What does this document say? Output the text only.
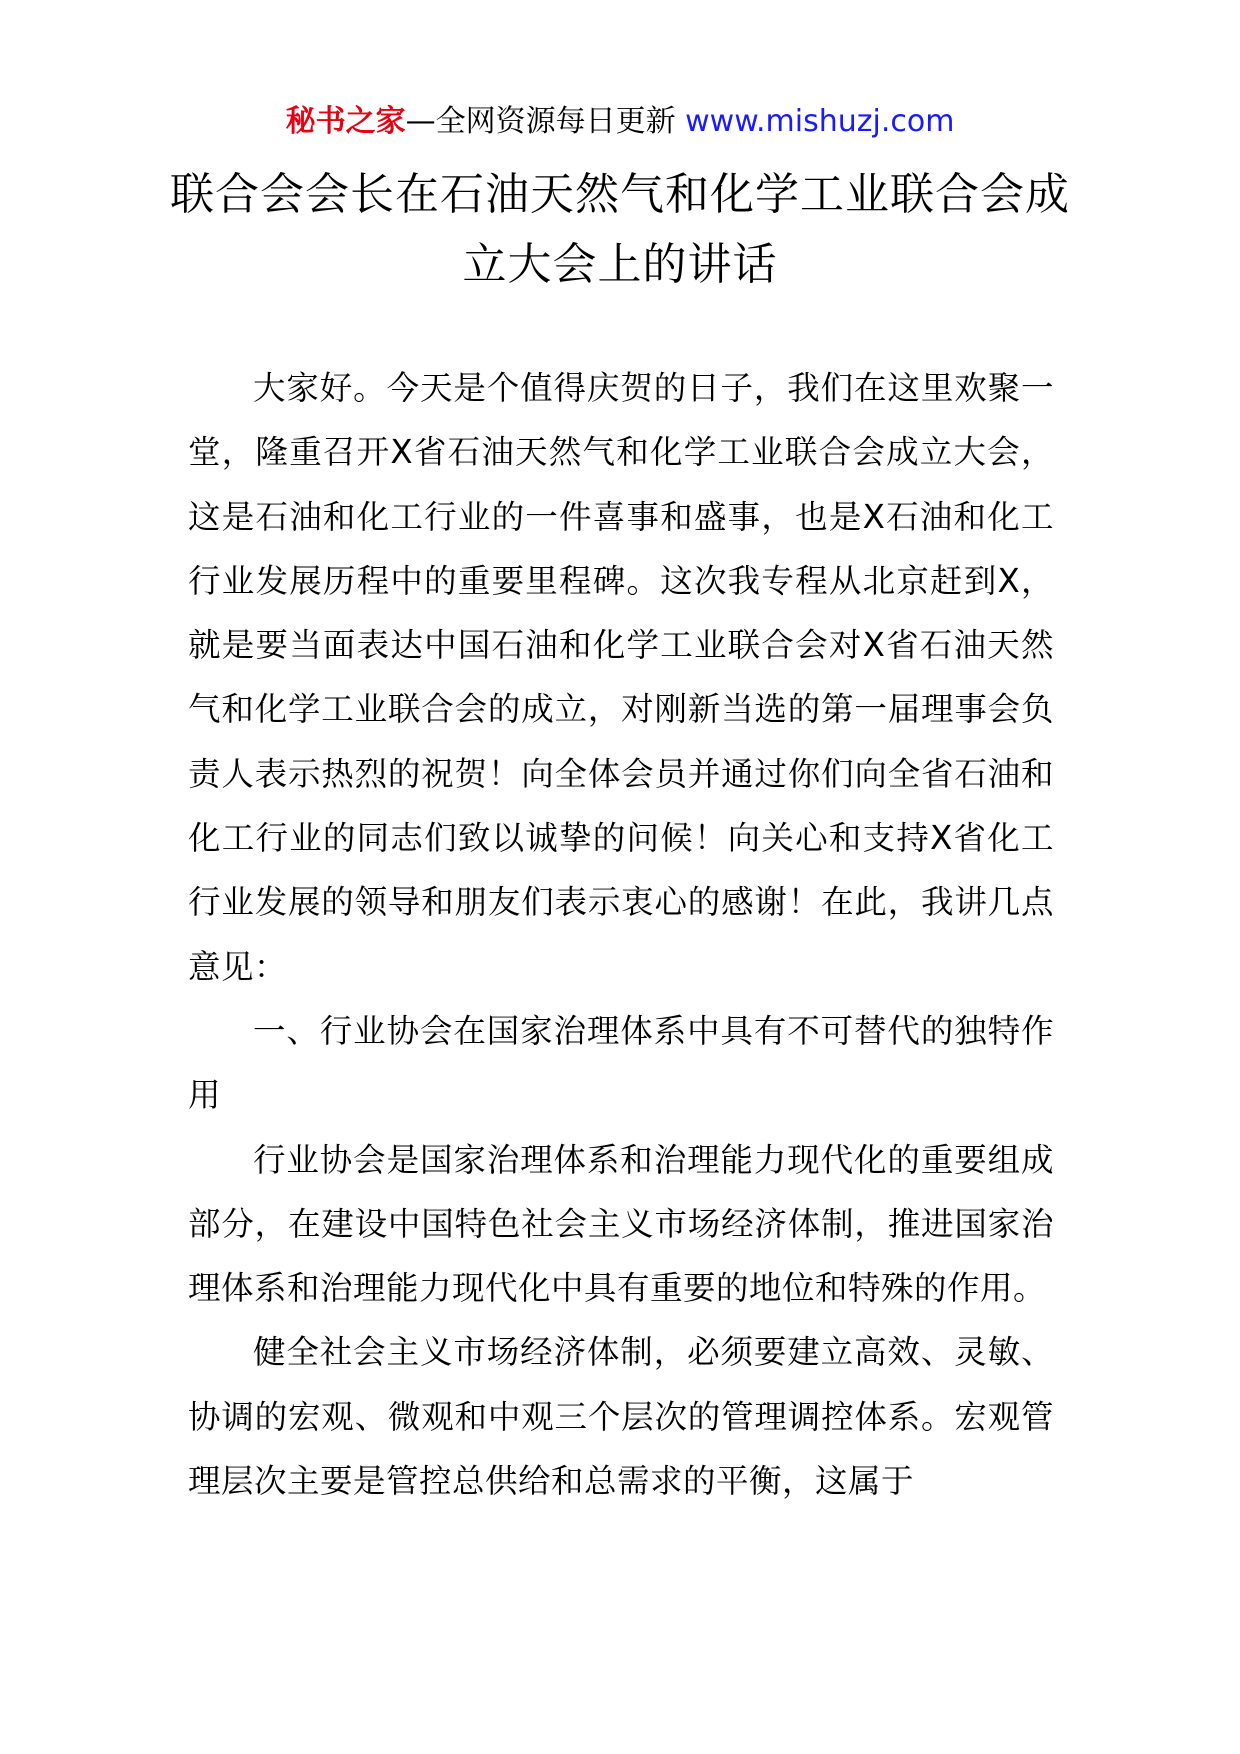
秘书之家—全网资源每日更新 www.mishuzj.com
联合会会长在石油天然气和化学工业联合会成立大会上的讲话

大家好。今天是个值得庆贺的日子，我们在这里欢聚一堂，隆重召开X省石油天然气和化学工业联合会成立大会，这是石油和化工行业的一件喜事和盛事，也是X石油和化工行业发展历程中的重要里程碑。这次我专程从北京赶到X，就是要当面表达中国石油和化学工业联合会对X省石油天然气和化学工业联合会的成立，对刚新当选的第一届理事会负责人表示热烈的祝贺！向全体会员并通过你们向全省石油和化工行业的同志们致以诚挚的问候！向关心和支持X省化工行业发展的领导和朋友们表示衷心的感谢！在此，我讲几点意见：

一、行业协会在国家治理体系中具有不可替代的独特作用

行业协会是国家治理体系和治理能力现代化的重要组成部分，在建设中国特色社会主义市场经济体制，推进国家治理体系和治理能力现代化中具有重要的地位和特殊的作用。

健全社会主义市场经济体制，必须要建立高效、灵敏、协调的宏观、微观和中观三个层次的管理调控体系。宏观管理层次主要是管控总供给和总需求的平衡，这属于
